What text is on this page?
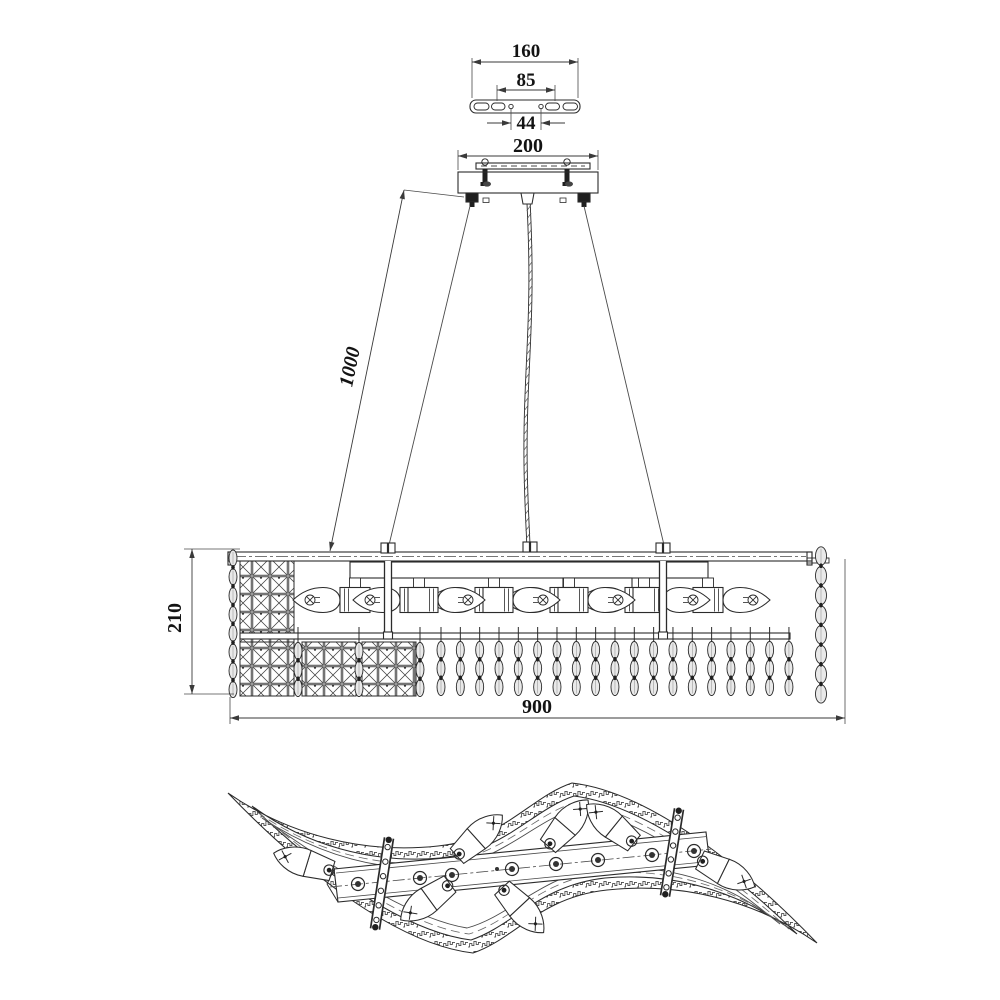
160
85
44
200
1000
210
900
